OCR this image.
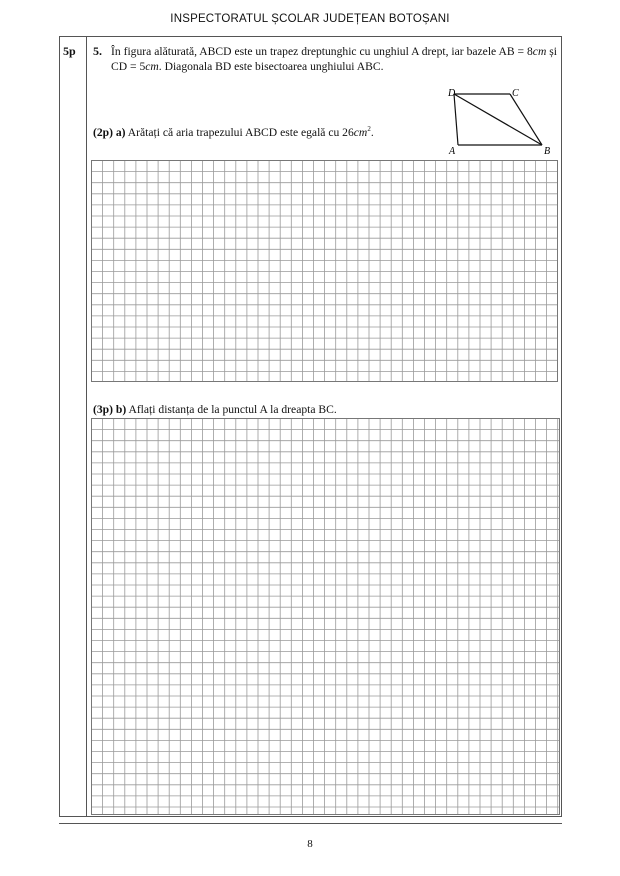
INSPECTORATUL ȘCOLAR JUDEȚEAN BOTOȘANI
5p 5. În figura alăturată, ABCD este un trapez dreptunghic cu unghiul A drept, iar bazele AB = 8cm și CD = 5cm. Diagonala BD este bisectoarea unghiului ABC.
D	C
A	B
(2p) a) Arătați că aria trapezului ABCD este egală cu $26cm^2$.
(3p) b) Aflați distanța de la punctul A la dreapta BC.
8
